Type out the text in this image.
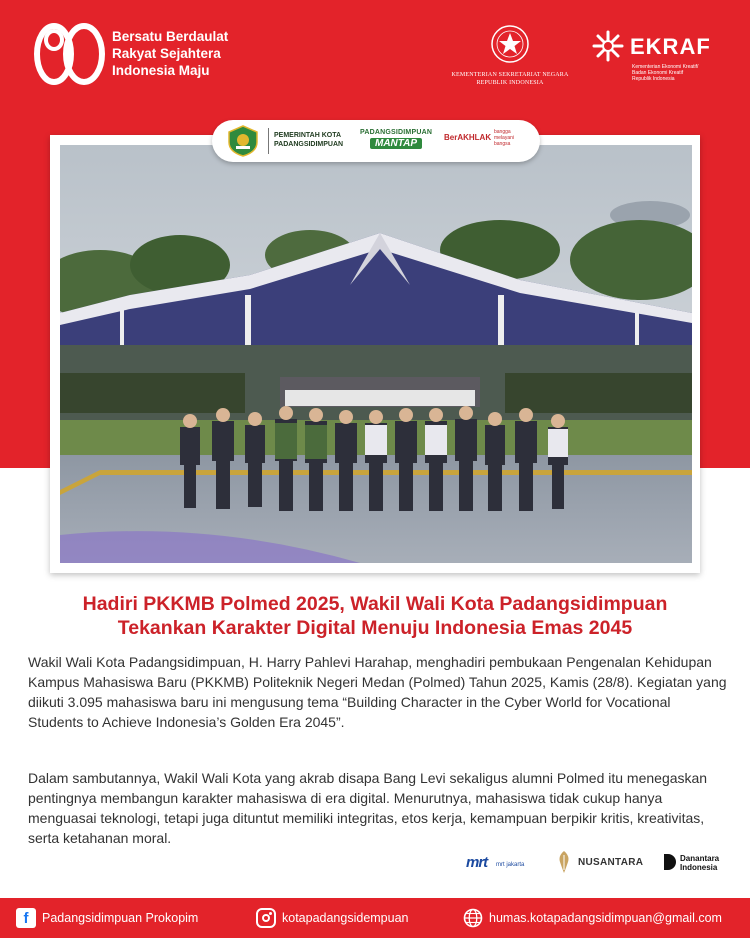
80
Bersatu Berdaulat
Rakyat Sejahtera
Indonesia Maju	KEMENTERIAN SEKRETARIAT NEGARA
REPUBLIK INDONESIA
EKRAF
Kementerian Ekonomi Kreatif/
Badan Ekonomi Kreatif
Republik Indonesia
PEMERINTAH KOTA
PADANGSIDIMPUAN
PADANGSIDIMPUAN
MANTAP
BerAKHLAK
bangga
melayani
bangsa
Hadiri PKKMB Polmed 2025, Wakil Wali Kota Padangsidimpuan
Tekankan Karakter Digital Menuju Indonesia Emas 2045
Wakil Wali Kota Padangsidimpuan, H. Harry Pahlevi Harahap, menghadiri pembukaan Pengenalan Kehidupan Kampus Mahasiswa Baru (PKKMB) Politeknik Negeri Medan (Polmed) Tahun 2025, Kamis (28/8). Kegiatan yang diikuti 3.095 mahasiswa baru ini mengusung tema “Building Character in the Cyber World for Vocational Students to Achieve Indonesia’s Golden Era 2045”.
Dalam sambutannya, Wakil Wali Kota yang akrab disapa Bang Levi sekaligus alumni Polmed itu menegaskan pentingnya membangun karakter mahasiswa di era digital. Menurutnya, mahasiswa tidak cukup hanya menguasai teknologi, tetapi juga dituntut memiliki integritas, etos kerja, kemampuan berpikir kritis, kreativitas, serta ketahanan moral.
mrt mrt jakarta	NUSANTARA	Danantara
Indonesia
f	Padangsidimpuan Prokopim	kotapadangsidempuan	humas.kotapadangsidimpuan@gmail.com
